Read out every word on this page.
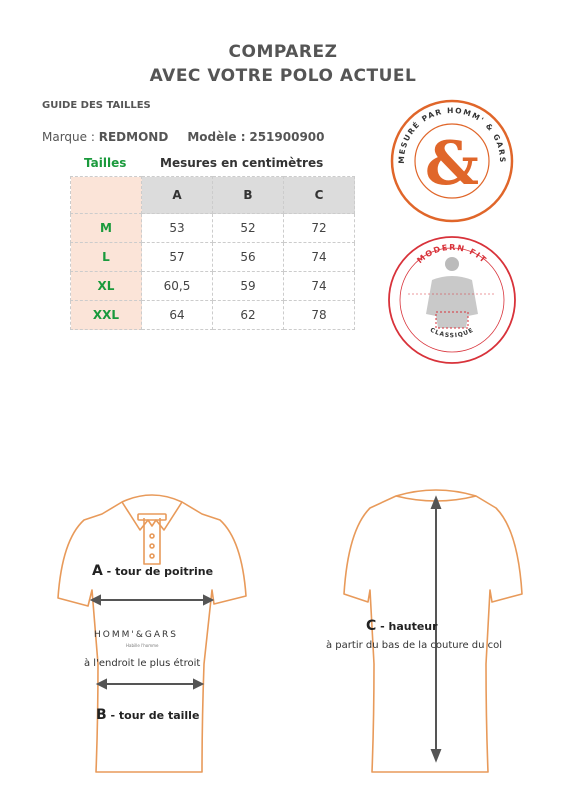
COMPAREZ
AVEC VOTRE POLO ACTUEL
GUIDE DES TAILLES
Marque : REDMOND Modèle : 251900900
Tailles	Mesures en centimètres
	A	B	C
M	53	52	72
L	57	56	74
XL	60,5	59	74
XXL	64	62	78
MESURÉ PAR HOMM' & GARS
&
MODERN FIT
CLASSIQUE
A - tour de poitrine
HOMM'&GARS
Habille l'homme
à l'endroit le plus étroit
B - tour de taille
C - hauteur
à partir du bas de la couture du col
